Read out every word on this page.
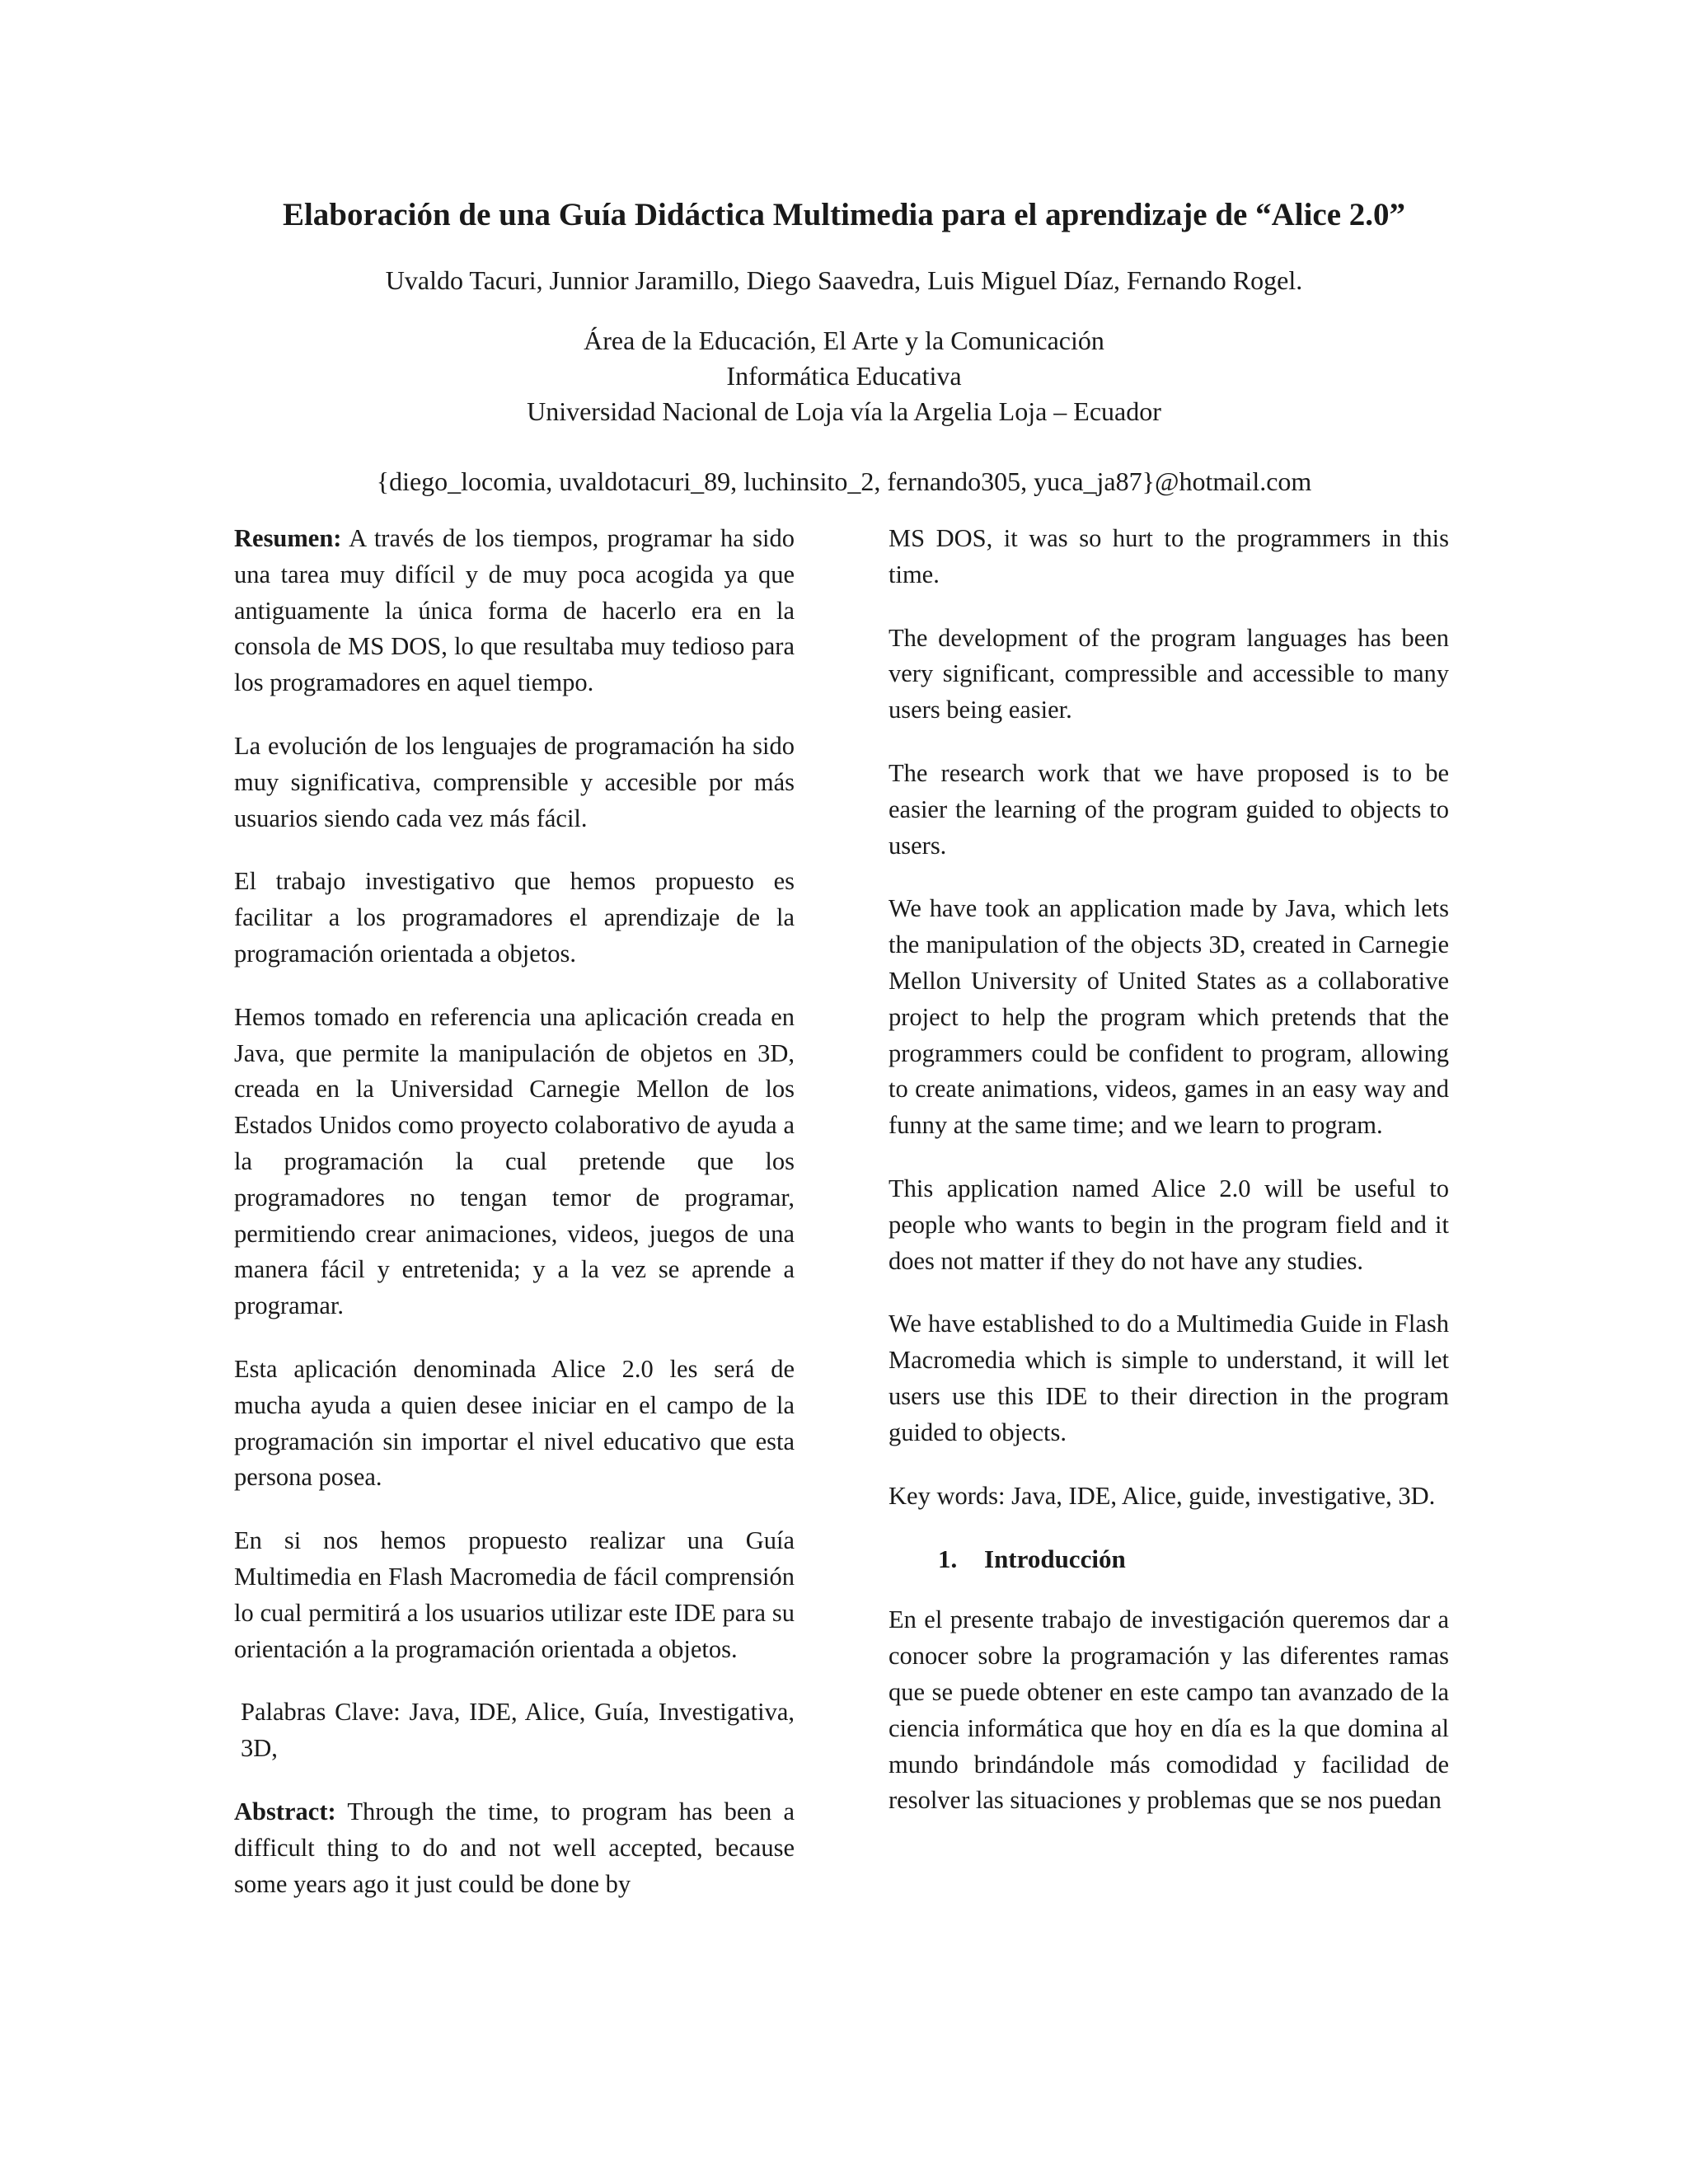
Elaboración de una Guía Didáctica Multimedia para el aprendizaje de “Alice 2.0”

Uvaldo Tacuri, Junnior Jaramillo, Diego Saavedra, Luis Miguel Díaz, Fernando Rogel.

Área de la Educación, El Arte y la Comunicación
Informática Educativa
Universidad Nacional de Loja vía la Argelia Loja – Ecuador

{diego_locomia, uvaldotacuri_89, luchinsito_2, fernando305, yuca_ja87}@hotmail.com

Resumen: A través de los tiempos, programar ha sido una tarea muy difícil y de muy poca acogida ya que antiguamente la única forma de hacerlo era en la consola de MS DOS, lo que resultaba muy tedioso para los programadores en aquel tiempo.

La evolución de los lenguajes de programación ha sido muy significativa, comprensible y accesible por más usuarios siendo cada vez más fácil.

El trabajo investigativo que hemos propuesto es facilitar a los programadores el aprendizaje de la programación orientada a objetos.

Hemos tomado en referencia una aplicación creada en Java, que permite la manipulación de objetos en 3D, creada en la Universidad Carnegie Mellon de los Estados Unidos como proyecto colaborativo de ayuda a la programación la cual pretende que los programadores no tengan temor de programar, permitiendo crear animaciones, videos, juegos de una manera fácil y entretenida; y a la vez se aprende a programar.

Esta aplicación denominada Alice 2.0 les será de mucha ayuda a quien desee iniciar en el campo de la programación sin importar el nivel educativo que esta persona posea.

En si nos hemos propuesto realizar una Guía Multimedia en Flash Macromedia de fácil comprensión lo cual permitirá a los usuarios utilizar este IDE para su orientación a la programación orientada a objetos.

Palabras Clave: Java, IDE, Alice, Guía, Investigativa, 3D,

Abstract: Through the time, to program has been a difficult thing to do and not well accepted, because some years ago it just could be done by

MS DOS, it was so hurt to the programmers in this time.

The development of the program languages has been very significant, compressible and accessible to many users being easier.

The research work that we have proposed is to be easier the learning of the program guided to objects to users.

We have took an application made by Java, which lets the manipulation of the objects 3D, created in Carnegie Mellon University of United States as a collaborative project to help the program which pretends that the programmers could be confident to program, allowing to create animations, videos, games in an easy way and funny at the same time; and we learn to program.

This application named Alice 2.0 will be useful to people who wants to begin in the program field and it does not matter if they do not have any studies.

We have established to do a Multimedia Guide in Flash Macromedia which is simple to understand, it will let users use this IDE to their direction in the program guided to objects.

Key words: Java, IDE, Alice, guide, investigative, 3D.

1. Introducción

En el presente trabajo de investigación queremos dar a conocer sobre la programación y las diferentes ramas que se puede obtener en este campo tan avanzado de la ciencia informática que hoy en día es la que domina al mundo brindándole más comodidad y facilidad de resolver las situaciones y problemas que se nos puedan
